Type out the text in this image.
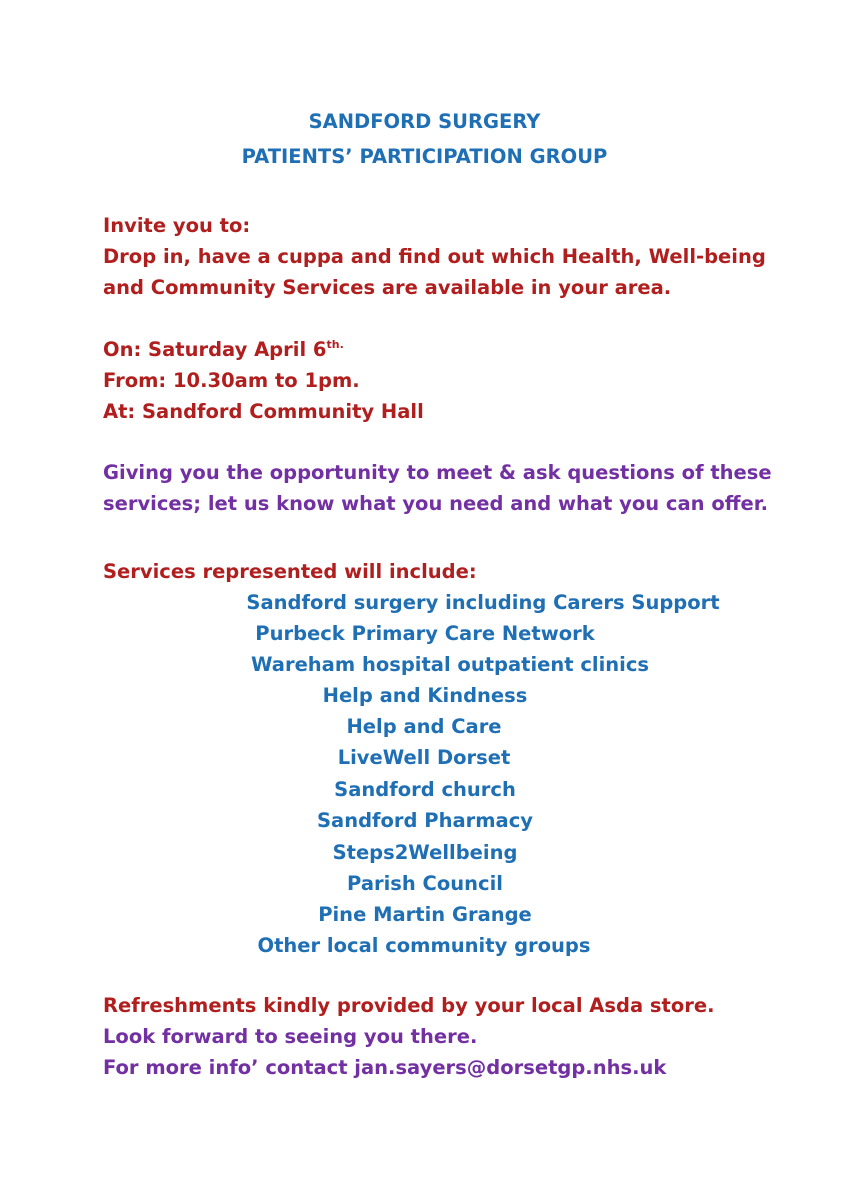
SANDFORD SURGERY
PATIENTS’ PARTICIPATION GROUP
Invite you to:
Drop in, have a cuppa and find out which Health, Well-being
and Community Services are available in your area.
On: Saturday April $6^{th.}$
From: 10.30am to 1pm.
At: Sandford Community Hall
Giving you the opportunity to meet & ask questions of these
services; let us know what you need and what you can offer.
Services represented will include:
Sandford surgery including Carers Support
Purbeck Primary Care Network
Wareham hospital outpatient clinics
Help and Kindness
Help and Care
LiveWell Dorset
Sandford church
Sandford Pharmacy
Steps2Wellbeing
Parish Council
Pine Martin Grange
Other local community groups
Refreshments kindly provided by your local Asda store.
Look forward to seeing you there.
For more info’ contact jan.sayers@dorsetgp.nhs.uk
